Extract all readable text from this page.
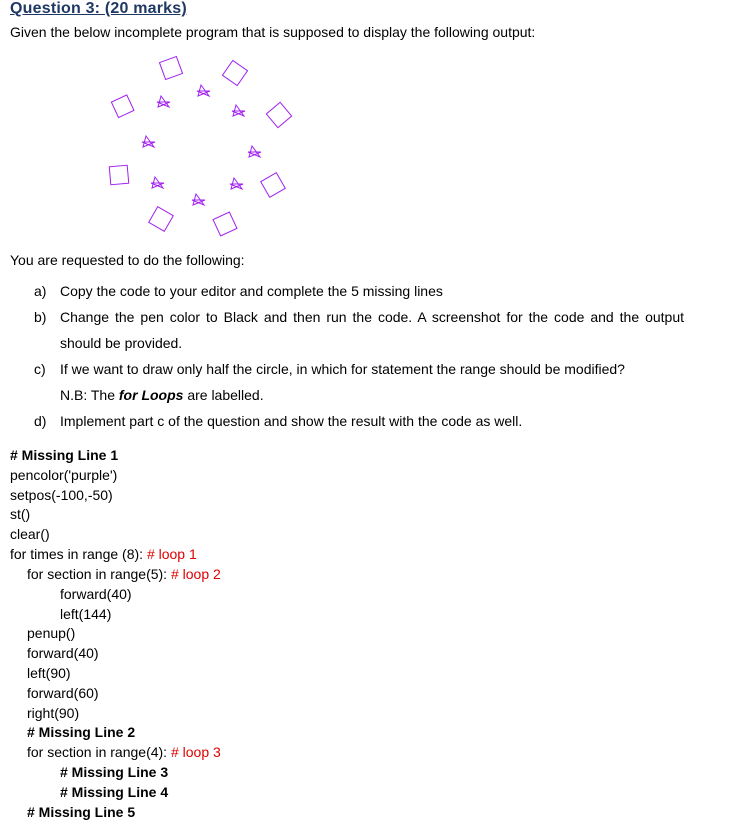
Question 3: (20 marks)
Given the below incomplete program that is supposed to display the following output:
You are requested to do the following:
a) Copy the code to your editor and complete the 5 missing lines
b) Change the pen color to Black and then run the code. A screenshot for the code and the output should be provided.
c)	If we want to draw only half the circle, in which for statement the range should be modified?
N.B: The for Loops are labelled.
d) Implement part c of the question and show the result with the code as well.
# Missing Line 1
pencolor('purple')
setpos(-100,-50)
st()
clear()
for times in range (8): # loop 1
for section in range(5): # loop 2
forward(40)
left(144)
penup()
forward(40)
left(90)
forward(60)
right(90)
# Missing Line 2
for section in range(4): # loop 3
# Missing Line 3
# Missing Line 4
# Missing Line 5
